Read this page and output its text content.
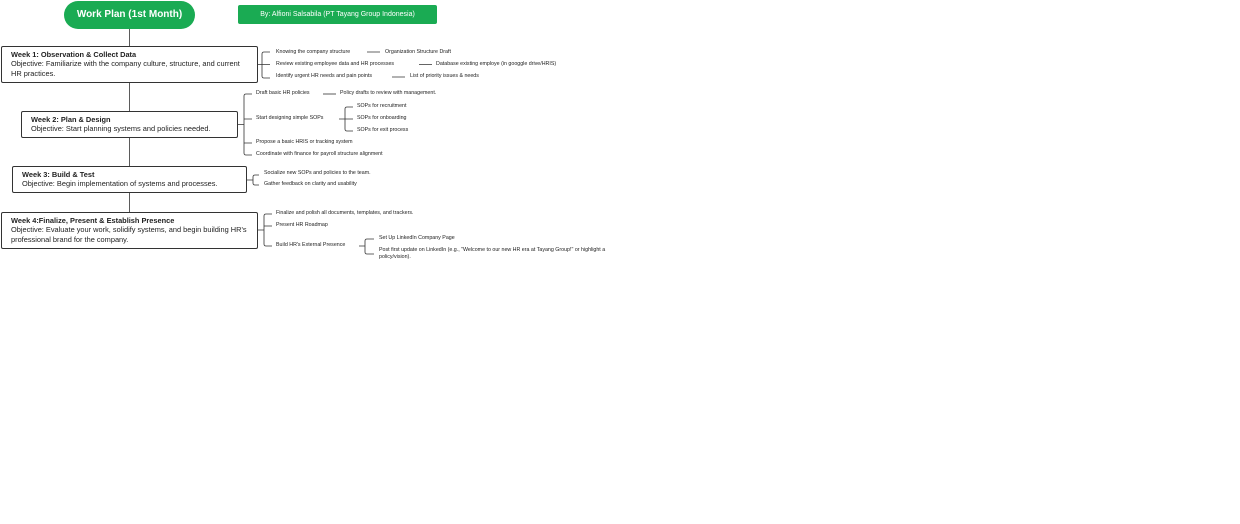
Work Plan (1st Month)	By: Alfioni Salsabila (PT Tayang Group Indonesia)
Week 1: Observation & Collect Data
Objective: Familiarize with the company culture, structure, and current HR practices.
Knowing the company structure	Organization Structure Draft
Review existing employee data and HR processes	Database existing employe (in googgle drive/HRIS)
Identify urgent HR needs and pain points	List of priority issues & needs
Week 2: Plan & Design
Objective: Start planning systems and policies needed.
Draft basic HR policies	Policy drafts to review with management.
Start designing simple SOPs
SOPs for recruitment
SOPs for onboarding
SOPs for exit process
Propose a basic HRIS or tracking system
Coordinate with finance for payroll structure alignment
Week 3: Build & Test
Objective: Begin implementation of systems and processes.
Socialize new SOPs and policies to the team.
Gather feedback on clarity and usability
Week 4:Finalize, Present & Establish Presence
Objective: Evaluate your work, solidify systems, and begin building HR's professional brand for the company.
Finalize and polish all documents, templates, and trackers.
Present HR Roadmap
Build HR's External Presence
Set Up LinkedIn Company Page
Post first update on LinkedIn (e.g., "Welcome to our new HR era at Tayang Group!" or highlight a policy/vision).
